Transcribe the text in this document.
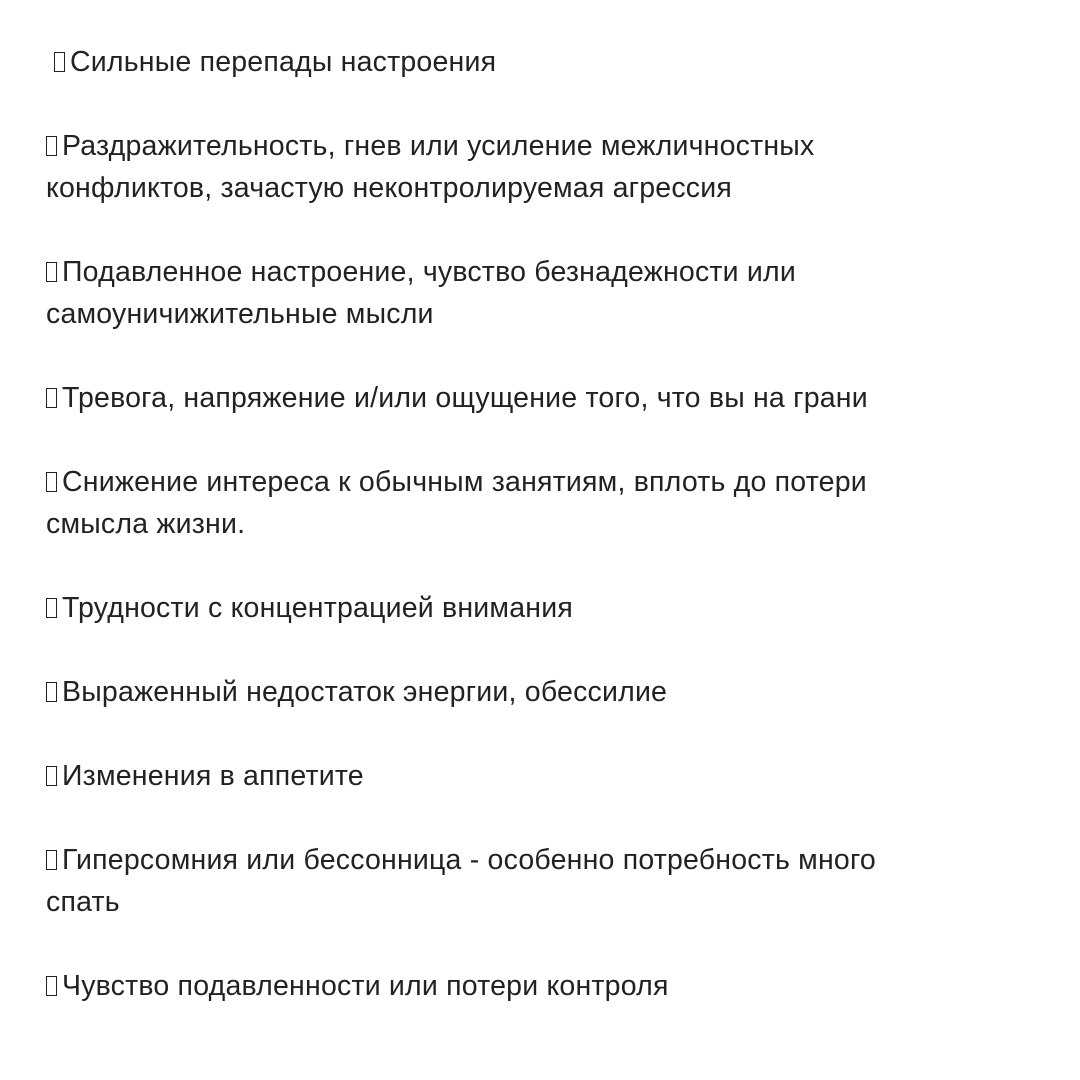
Сильные перепады настроения
Раздражительность, гнев или усиление межличностных
конфликтов, зачастую неконтролируемая агрессия
Подавленное настроение, чувство безнадежности или
самоуничижительные мысли
Тревога, напряжение и/или ощущение того, что вы на грани
Снижение интереса к обычным занятиям, вплоть до потери
смысла жизни.
Трудности с концентрацией внимания
Выраженный недостаток энергии, обессилие
Изменения в аппетите
Гиперсомния или бессонница - особенно потребность много
спать
Чувство подавленности или потери контроля
